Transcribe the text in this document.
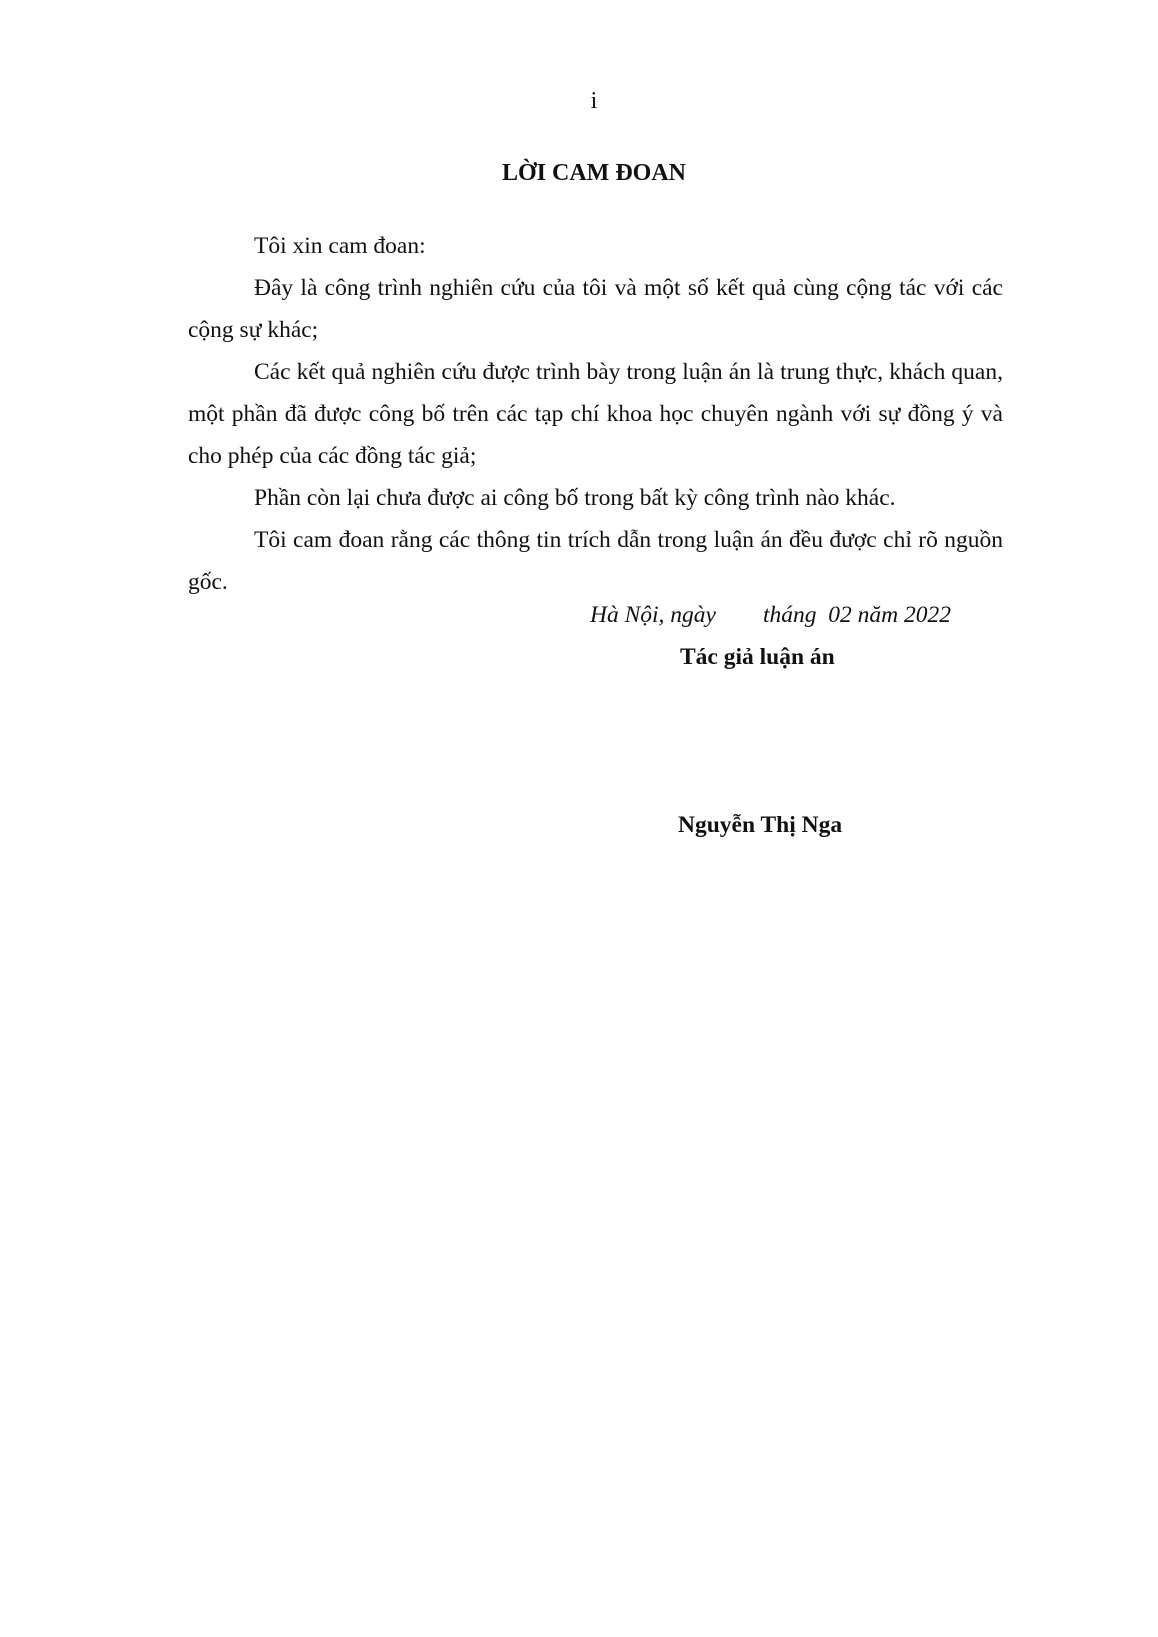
i
LỜI CAM ĐOAN

Tôi xin cam đoan:

Đây là công trình nghiên cứu của tôi và một số kết quả cùng cộng tác với các cộng sự khác;

Các kết quả nghiên cứu được trình bày trong luận án là trung thực, khách quan, một phần đã được công bố trên các tạp chí khoa học chuyên ngành với sự đồng ý và cho phép của các đồng tác giả;

Phần còn lại chưa được ai công bố trong bất kỳ công trình nào khác.

Tôi cam đoan rằng các thông tin trích dẫn trong luận án đều được chỉ rõ nguồn gốc.

Hà Nội, ngày        tháng  02 năm 2022
Tác giả luận án
Nguyễn Thị Nga
